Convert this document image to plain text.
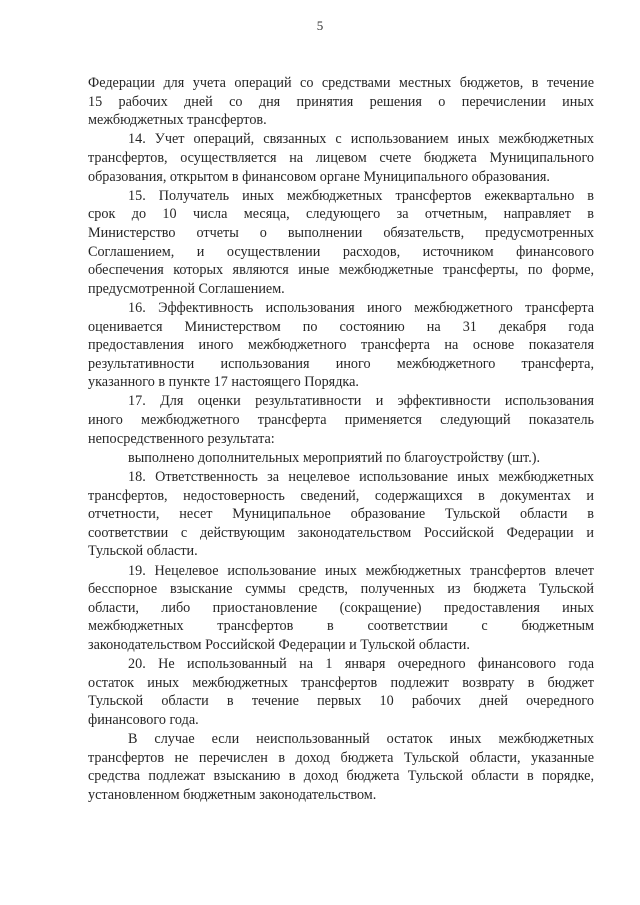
5
Федерации для учета операций со средствами местных бюджетов, в течение
15 рабочих дней со дня принятия решения о перечислении иных
межбюджетных трансфертов.
14. Учет операций, связанных с использованием иных межбюджетных
трансфертов, осуществляется на лицевом счете бюджета Муниципального
образования, открытом в финансовом органе Муниципального образования.
15. Получатель иных межбюджетных трансфертов ежеквартально в
срок до 10 числа месяца, следующего за отчетным, направляет в
Министерство отчеты о выполнении обязательств, предусмотренных
Соглашением, и осуществлении расходов, источником финансового
обеспечения которых являются иные межбюджетные трансферты, по форме,
предусмотренной Соглашением.
16. Эффективность использования иного межбюджетного трансферта
оценивается Министерством по состоянию на 31 декабря года
предоставления иного межбюджетного трансферта на основе показателя
результативности использования иного межбюджетного трансферта,
указанного в пункте 17 настоящего Порядка.
17. Для оценки результативности и эффективности использования
иного межбюджетного трансферта применяется следующий показатель
непосредственного результата:
выполнено дополнительных мероприятий по благоустройству (шт.).
18. Ответственность за нецелевое использование иных межбюджетных
трансфертов, недостоверность сведений, содержащихся в документах и
отчетности, несет Муниципальное образование Тульской области в
соответствии с действующим законодательством Российской Федерации и
Тульской области.
19. Нецелевое использование иных межбюджетных трансфертов влечет
бесспорное взыскание суммы средств, полученных из бюджета Тульской
области, либо приостановление (сокращение) предоставления иных
межбюджетных трансфертов в соответствии с бюджетным
законодательством Российской Федерации и Тульской области.
20. Не использованный на 1 января очередного финансового года
остаток иных межбюджетных трансфертов подлежит возврату в бюджет
Тульской области в течение первых 10 рабочих дней очередного
финансового года.
В случае если неиспользованный остаток иных межбюджетных
трансфертов не перечислен в доход бюджета Тульской области, указанные
средства подлежат взысканию в доход бюджета Тульской области в порядке,
установленном бюджетным законодательством.
